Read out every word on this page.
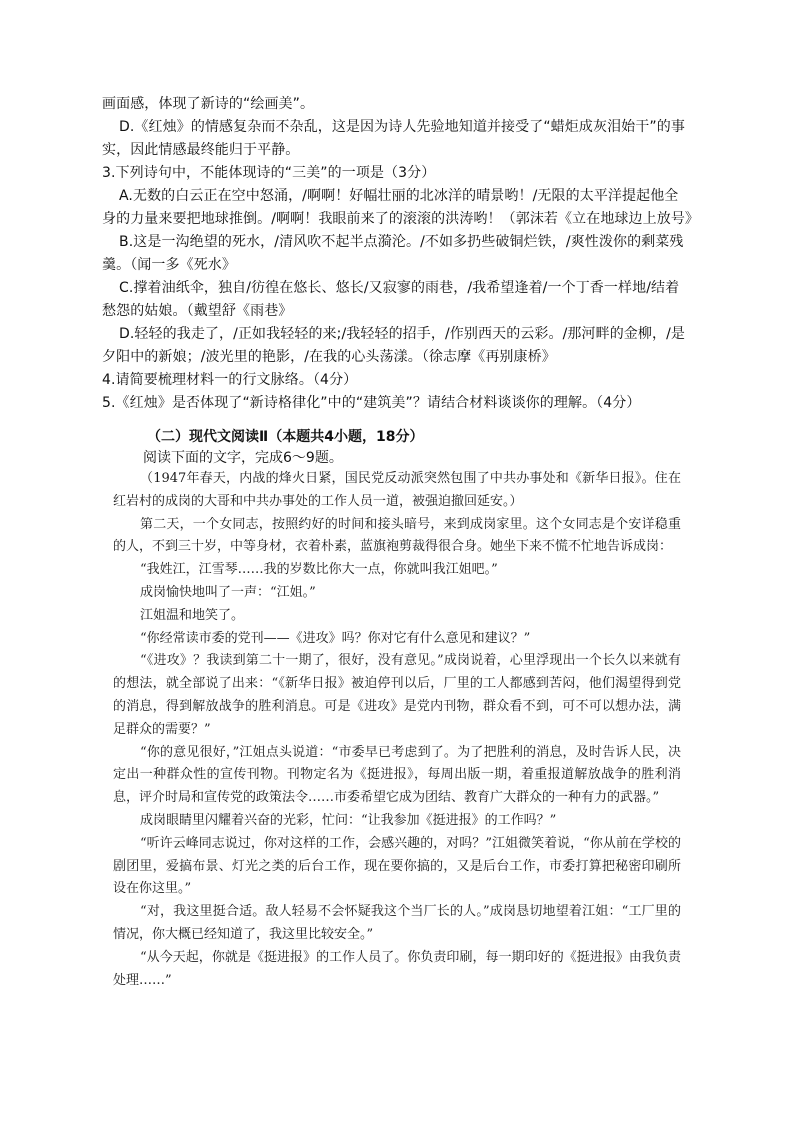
画面感，体现了新诗的“绘画美”。

D.《红烛》的情感复杂而不杂乱，这是因为诗人先验地知道并接受了“蜡炬成灰泪始干”的事实，因此情感最终能归于平静。

3.下列诗句中，不能体现诗的“三美”的一项是（3分）

A.无数的白云正在空中怒涌，/啊啊！好幅壮丽的北冰洋的晴景哟！/无限的太平洋提起他全身的力量来要把地球推倒。/啊啊！我眼前来了的滚滚的洪涛哟！（郭沫若《立在地球边上放号》

B.这是一沟绝望的死水，/清风吹不起半点漪沦。/不如多扔些破铜烂铁，/爽性泼你的剩菜残羹。（闻一多《死水》

C.撑着油纸伞，独自/彷徨在悠长、悠长/又寂寥的雨巷，/我希望逢着/一个丁香一样地/结着愁怨的姑娘。（戴望舒《雨巷》

D.轻轻的我走了，/正如我轻轻的来;/我轻轻的招手，/作别西天的云彩。/那河畔的金柳，/是夕阳中的新娘；/波光里的艳影，/在我的心头荡漾。（徐志摩《再别康桥》

4.请简要梳理材料一的行文脉络。（4分）

5.《红烛》是否体现了“新诗格律化”中的“建筑美”？请结合材料谈谈你的理解。（4分）

（二）现代文阅读Ⅱ（本题共4小题，18分）
阅读下面的文字，完成6～9题。

（1947年春天，内战的烽火日紧，国民党反动派突然包围了中共办事处和《新华日报》。住在红岩村的成岗的大哥和中共办事处的工作人员一道，被强迫撤回延安。）

第二天，一个女同志，按照约好的时间和接头暗号，来到成岗家里。这个女同志是个安详稳重的人，不到三十岁，中等身材，衣着朴素，蓝旗袍剪裁得很合身。她坐下来不慌不忙地告诉成岗：

“我姓江，江雪琴……我的岁数比你大一点，你就叫我江姐吧。”

成岗愉快地叫了一声：“江姐。”

江姐温和地笑了。

“你经常读市委的党刊——《进攻》吗？你对它有什么意见和建议？”

“《进攻》？我读到第二十一期了，很好，没有意见。”成岗说着，心里浮现出一个长久以来就有的想法，就全部说了出来：“《新华日报》被迫停刊以后，厂里的工人都感到苦闷，他们渴望得到党的消息，得到解放战争的胜利消息。可是《进攻》是党内刊物，群众看不到，可不可以想办法，满足群众的需要？”

“你的意见很好，”江姐点头说道：“市委早已考虑到了。为了把胜利的消息，及时告诉人民，决定出一种群众性的宣传刊物。刊物定名为《挺进报》，每周出版一期，着重报道解放战争的胜利消息，评介时局和宣传党的政策法令……市委希望它成为团结、教育广大群众的一种有力的武器。”

成岗眼睛里闪耀着兴奋的光彩，忙问：“让我参加《挺进报》的工作吗？”

“听许云峰同志说过，你对这样的工作，会感兴趣的，对吗？”江姐微笑着说，“你从前在学校的剧团里，爱搞布景、灯光之类的后台工作，现在要你搞的，又是后台工作，市委打算把秘密印刷所设在你这里。”

“对，我这里挺合适。敌人轻易不会怀疑我这个当厂长的人。”成岗恳切地望着江姐：“工厂里的情况，你大概已经知道了，我这里比较安全。”

“从今天起，你就是《挺进报》的工作人员了。你负责印刷，每一期印好的《挺进报》由我负责处理……”
